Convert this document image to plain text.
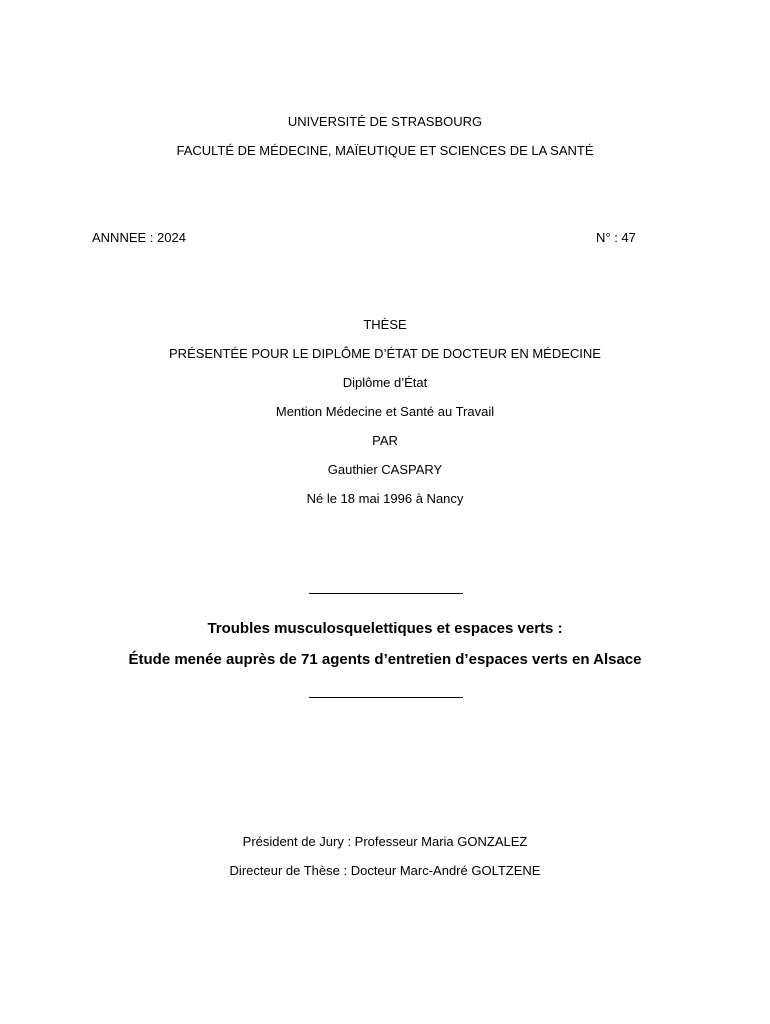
UNIVERSITÉ DE STRASBOURG
FACULTÉ DE MÉDECINE, MAÏEUTIQUE ET SCIENCES DE LA SANTÉ
ANNNEE : 2024	N° : 47
THÈSE
PRÉSENTÉE POUR LE DIPLÔME D’ÉTAT DE DOCTEUR EN MÉDECINE
Diplôme d’État
Mention Médecine et Santé au Travail
PAR
Gauthier CASPARY
Né le 18 mai 1996 à Nancy
Troubles musculosquelettiques et espaces verts :
Étude menée auprès de 71 agents d’entretien d’espaces verts en Alsace
Président de Jury : Professeur Maria GONZALEZ
Directeur de Thèse : Docteur Marc-André GOLTZENE
